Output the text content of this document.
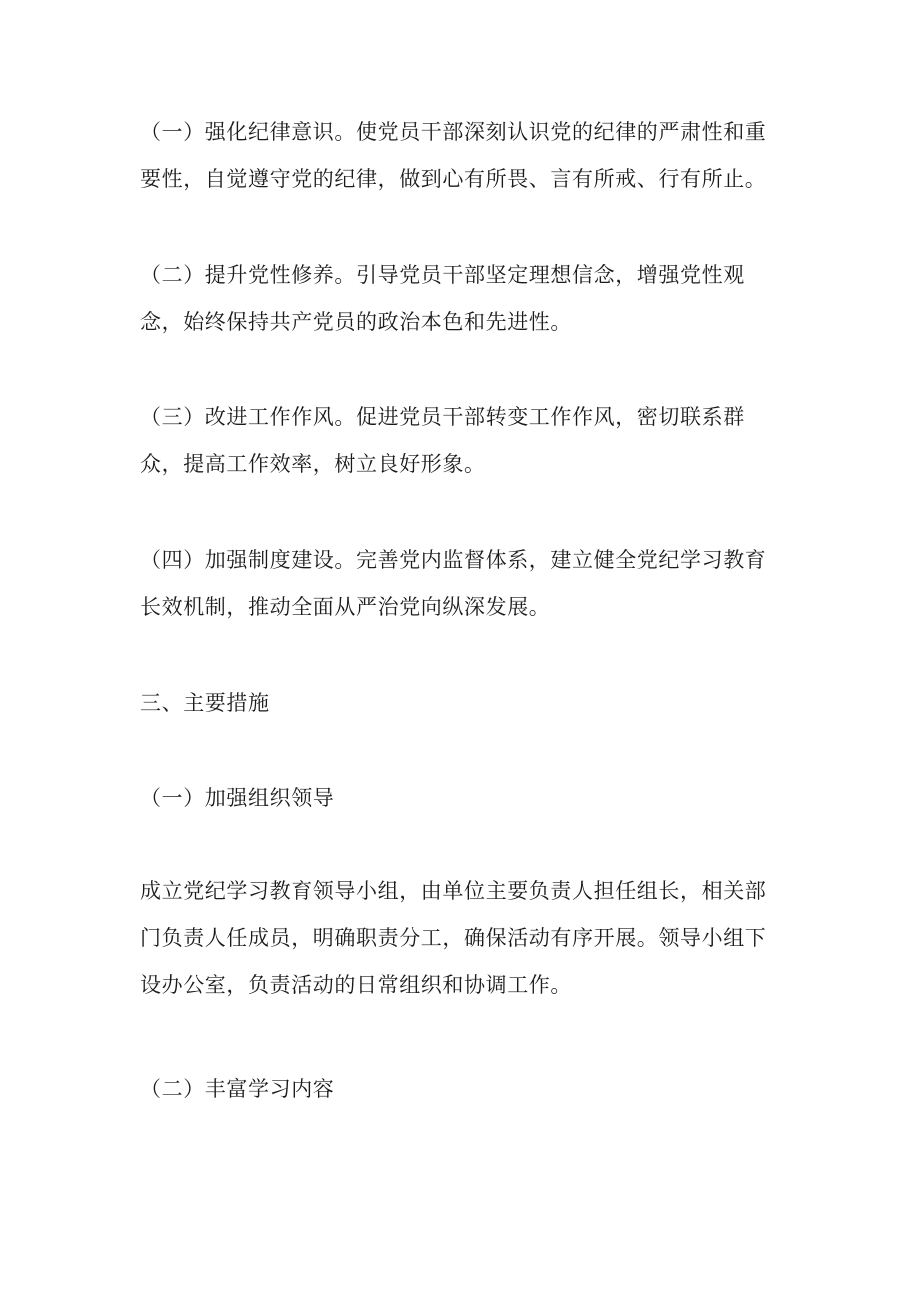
（一）强化纪律意识。使党员干部深刻认识党的纪律的严肃性和重
要性，自觉遵守党的纪律，做到心有所畏、言有所戒、行有所止。

（二）提升党性修养。引导党员干部坚定理想信念，增强党性观
念，始终保持共产党员的政治本色和先进性。

（三）改进工作作风。促进党员干部转变工作作风，密切联系群
众，提高工作效率，树立良好形象。

（四）加强制度建设。完善党内监督体系，建立健全党纪学习教育
长效机制，推动全面从严治党向纵深发展。

三、主要措施
（一）加强组织领导

成立党纪学习教育领导小组，由单位主要负责人担任组长，相关部
门负责人任成员，明确职责分工，确保活动有序开展。领导小组下
设办公室，负责活动的日常组织和协调工作。

（二）丰富学习内容
